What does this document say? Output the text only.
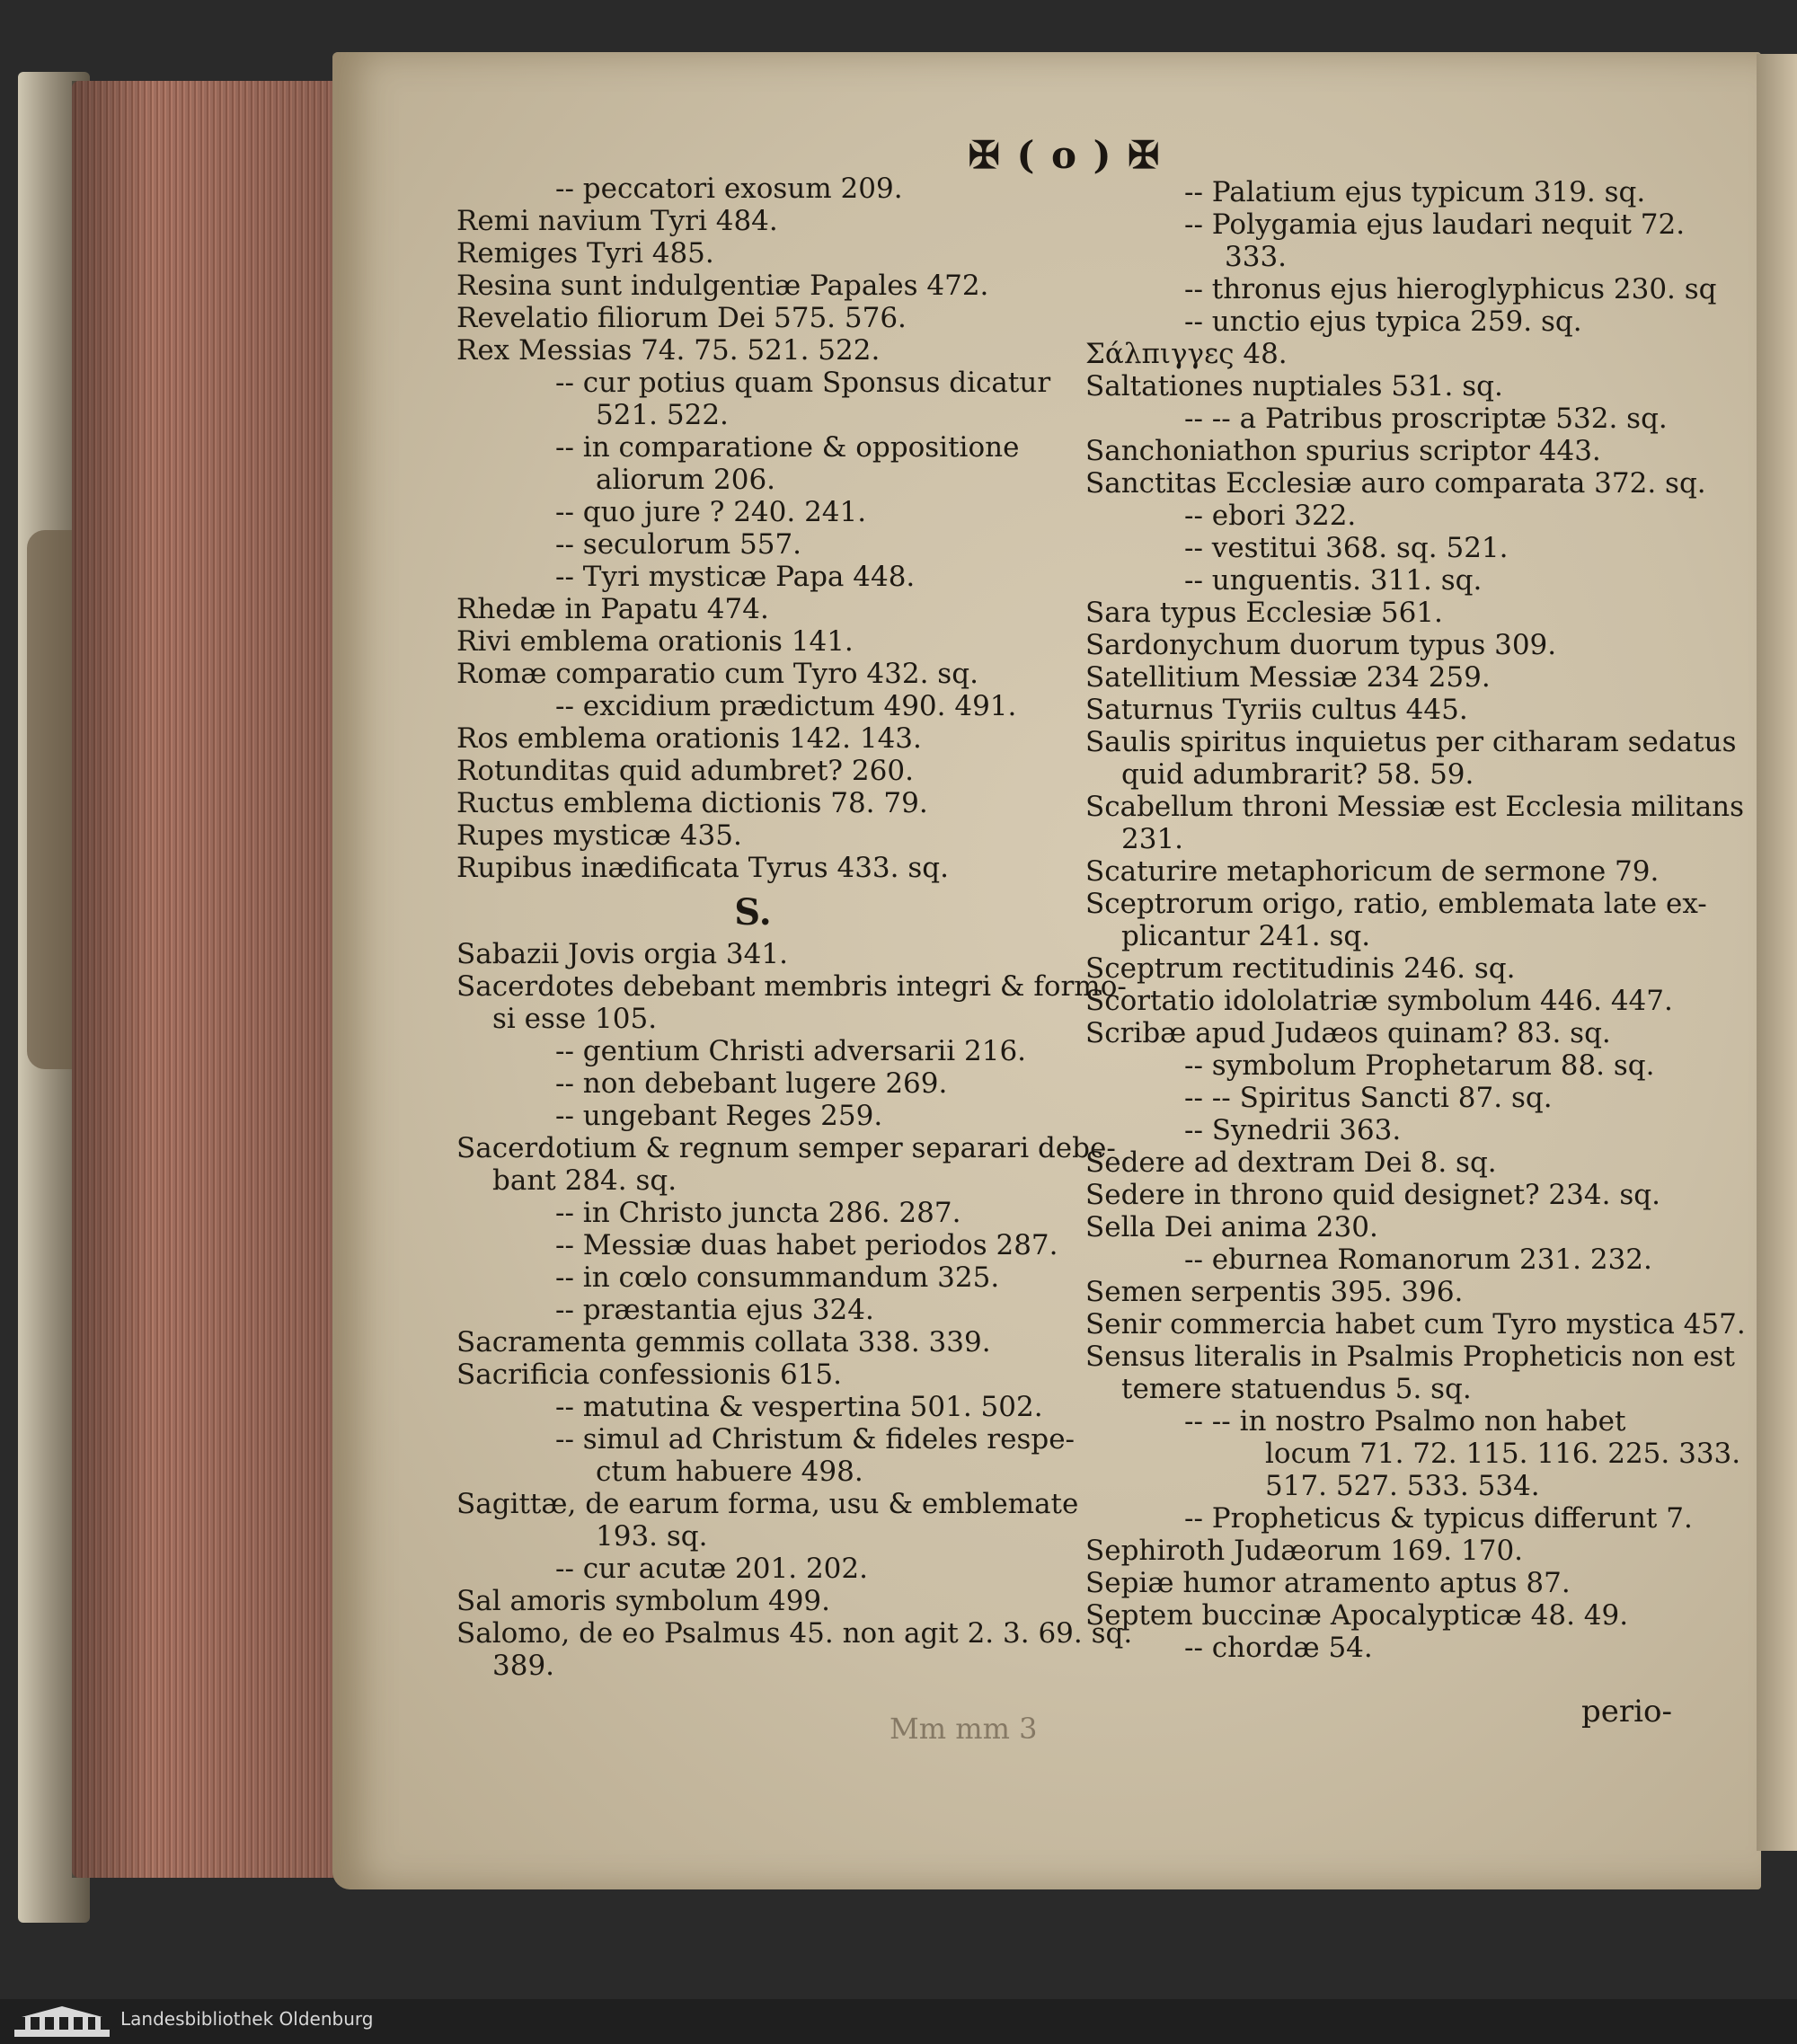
✠ ( o ) ✠
-- peccatori exosum 209.
Remi navium Tyri 484.
Remiges Tyri 485.
Resina sunt indulgentiæ Papales 472.
Revelatio filiorum Dei 575. 576.
Rex Messias 74. 75. 521. 522.
-- cur potius quam Sponsus dicatur
521. 522.
-- in comparatione & oppositione
aliorum 206.
-- quo jure ? 240. 241.
-- seculorum 557.
-- Tyri mysticæ Papa 448.
Rhedæ in Papatu 474.
Rivi emblema orationis 141.
Romæ comparatio cum Tyro 432. sq.
-- excidium prædictum 490. 491.
Ros emblema orationis 142. 143.
Rotunditas quid adumbret? 260.
Ructus emblema dictionis 78. 79.
Rupes mysticæ 435.
Rupibus inædificata Tyrus 433. sq.
S.
Sabazii Jovis orgia 341.
Sacerdotes debebant membris integri & formo-
si esse 105.
-- gentium Christi adversarii 216.
-- non debebant lugere 269.
-- ungebant Reges 259.
Sacerdotium & regnum semper separari debe-
bant 284. sq.
-- in Christo juncta 286. 287.
-- Messiæ duas habet periodos 287.
-- in cœlo consummandum 325.
-- præstantia ejus 324.
Sacramenta gemmis collata 338. 339.
Sacrificia confessionis 615.
-- matutina & vespertina 501. 502.
-- simul ad Christum & fideles respe-
ctum habuere 498.
Sagittæ, de earum forma, usu & emblemate
193. sq.
-- cur acutæ 201. 202.
Sal amoris symbolum 499.
Salomo, de eo Psalmus 45. non agit 2. 3. 69. sq.
389.
-- Palatium ejus typicum 319. sq.
-- Polygamia ejus laudari nequit 72.
333.
-- thronus ejus hieroglyphicus 230. sq
-- unctio ejus typica 259. sq.
Σάλπιγγες 48.
Saltationes nuptiales 531. sq.
-- -- a Patribus proscriptæ 532. sq.
Sanchoniathon spurius scriptor 443.
Sanctitas Ecclesiæ auro comparata 372. sq.
-- ebori 322.
-- vestitui 368. sq. 521.
-- unguentis. 311. sq.
Sara typus Ecclesiæ 561.
Sardonychum duorum typus 309.
Satellitium Messiæ 234 259.
Saturnus Tyriis cultus 445.
Saulis spiritus inquietus per citharam sedatus
quid adumbrarit? 58. 59.
Scabellum throni Messiæ est Ecclesia militans
231.
Scaturire metaphoricum de sermone 79.
Sceptrorum origo, ratio, emblemata late ex-
plicantur 241. sq.
Sceptrum rectitudinis 246. sq.
Scortatio idololatriæ symbolum 446. 447.
Scribæ apud Judæos quinam? 83. sq.
-- symbolum Prophetarum 88. sq.
-- -- Spiritus Sancti 87. sq.
-- Synedrii 363.
Sedere ad dextram Dei 8. sq.
Sedere in throno quid designet? 234. sq.
Sella Dei anima 230.
-- eburnea Romanorum 231. 232.
Semen serpentis 395. 396.
Senir commercia habet cum Tyro mystica 457.
Sensus literalis in Psalmis Propheticis non est
temere statuendus 5. sq.
-- -- in nostro Psalmo non habet
locum 71. 72. 115. 116. 225. 333.
517. 527. 533. 534.
-- Propheticus & typicus differunt 7.
Sephiroth Judæorum 169. 170.
Sepiæ humor atramento aptus 87.
Septem buccinæ Apocalypticæ 48. 49.
-- chordæ 54.
Mm mm 3	perio-
Landesbibliothek Oldenburg
